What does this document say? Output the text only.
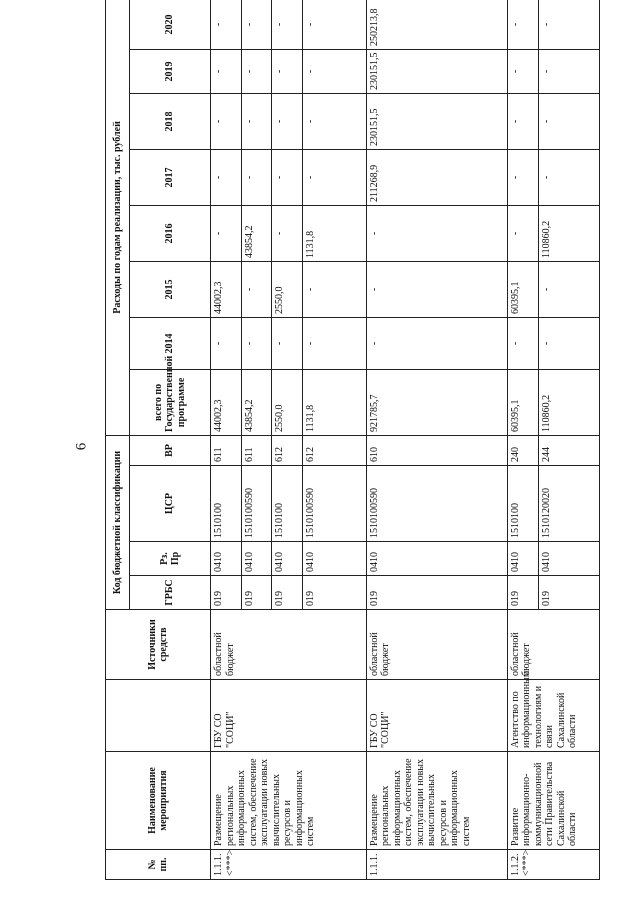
6
№ пп.	Наименование мероприятия		Источники средств	Код бюджетной классификации				Расходы по годам реализации, тыс. рублей							
				ГРБС	Рз. Пр	ЦСР	ВР	всего по Государственной программе	2014	2015	2016	2017	2018	2019	2020

1.1.1. <***>	Размещение региональных информационных систем, обеспечение эксплуатации новых вычислительных ресурсов и информационных систем	ГБУ СО "СОЦИ"	областной бюджет	019	0410	1510100	611	44002,3	-	44002,3	-	-	-	-	-
				019	0410	1510100590	611	43854,2	-	-	43854,2	-	-	-	-
				019	0410	1510100	612	2550,0	-	2550,0	-	-	-	-	-
				019	0410	1510100590	612	1131,8	-	-	1131,8	-	-	-	-
1.1.1.	Размещение региональных информационных систем, обеспечение эксплуатации новых вычислительных ресурсов и информационных систем	ГБУ СО "СОЦИ"	областной бюджет	019	0410	1510100590	610	921785,7	-	-	-	211268,9	230151,5	230151,5	250213,8
1.1.2. <***>	Развитие информационно-коммуникационной сети Правительства Сахалинской области	Агентство по информационным технологиям и связи Сахалинской области	областной бюджет	019	0410	1510100	240	60395,1	-	60395,1	-	-	-	-	-
				019	0410	1510120020	244	110860,2	-	-	110860,2	-	-	-	-
